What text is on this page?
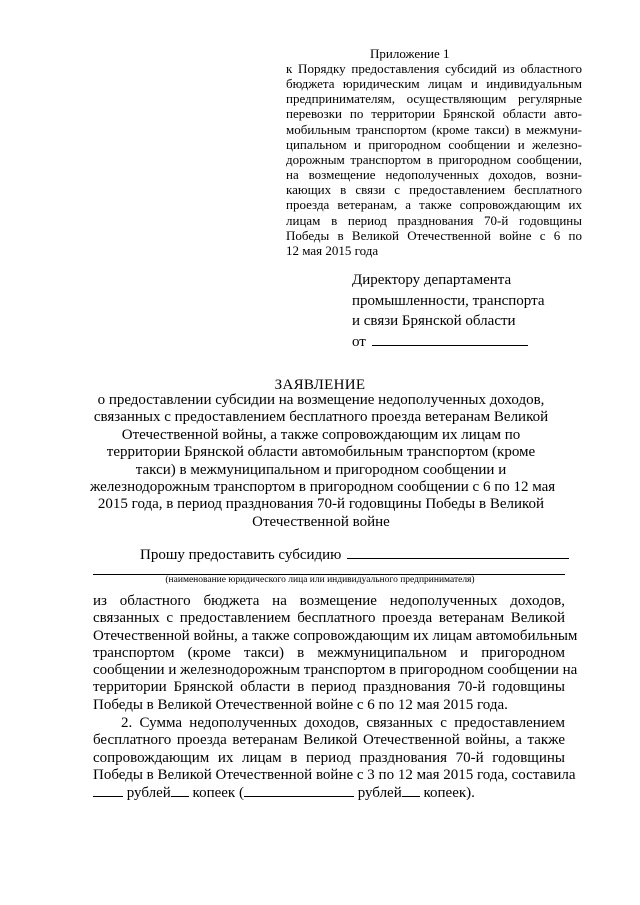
Приложение 1
к Порядку предоставления субсидий из областного
бюджета юридическим лицам и индивидуальным
предпринимателям, осуществляющим регулярные
перевозки по территории Брянской области авто-
мобильным транспортом (кроме такси) в межмуни-
ципальном и пригородном сообщении и железно-
дорожным транспортом в пригородном сообщении,
на возмещение недополученных доходов, возни-
кающих в связи с предоставлением бесплатного
проезда ветеранам, а также сопровождающим их
лицам в период празднования 70-й годовщины
Победы в Великой Отечественной войне с 6 по
12 мая 2015 года
Директору департамента
промышленности, транспорта
и связи Брянской области
от
ЗАЯВЛЕНИЕ
о предоставлении субсидии на возмещение недополученных доходов,
связанных с предоставлением бесплатного проезда ветеранам Великой
Отечественной войны, а также сопровождающим их лицам по
территории Брянской области автомобильным транспортом (кроме
такси) в межмуниципальном и пригородном сообщении и
железнодорожным транспортом в пригородном сообщении с 6 по 12 мая
2015 года, в период празднования 70-й годовщины Победы в Великой
Отечественной войне
Прошу предоставить субсидию
(наименование юридического лица или индивидуального предпринимателя)
из областного бюджета на возмещение недополученных доходов,
связанных с предоставлением бесплатного проезда ветеранам Великой
Отечественной войны, а также сопровождающим их лицам автомобильным
транспортом (кроме такси) в межмуниципальном и пригородном
сообщении и железнодорожным транспортом в пригородном сообщении на
территории Брянской области в период празднования 70-й годовщины
Победы в Великой Отечественной войне с 6 по 12 мая 2015 года.
2. Сумма недополученных доходов, связанных с предоставлением
бесплатного проезда ветеранам Великой Отечественной войны, а также
сопровождающим их лицам в период празднования 70-й годовщины
Победы в Великой Отечественной войне с 3 по 12 мая 2015 года, составила
рублей копеек (	рублей копеек).
